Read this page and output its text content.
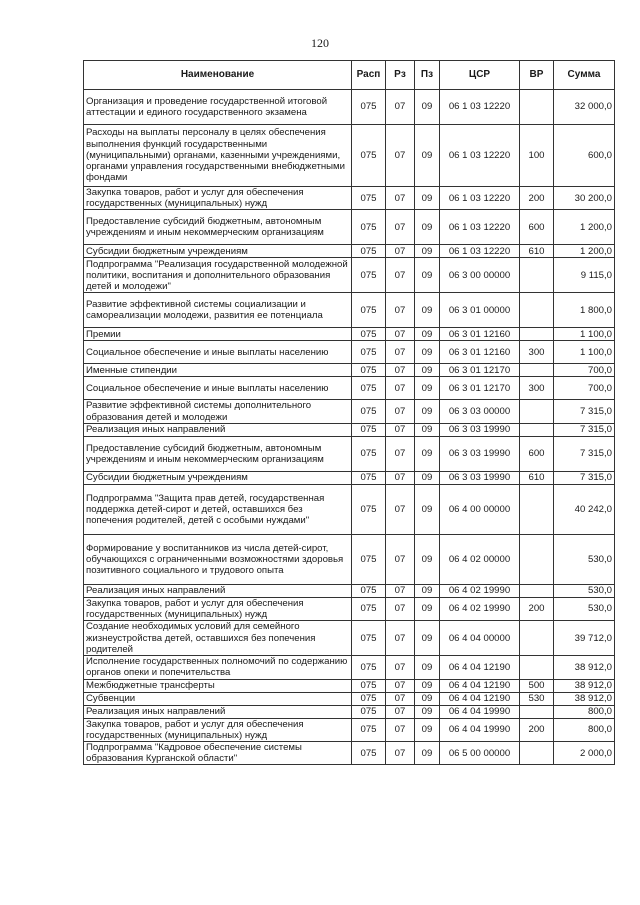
120
Наименование	Расп	Рз	Пз	ЦСР	ВР	Сумма
Организация и проведение государственной итоговой аттестации и единого государственного экзамена	075	07	09	06 1 03 12220		32 000,0
Расходы на выплаты персоналу в целях обеспечения выполнения функций государственными (муниципальными) органами, казенными учреждениями, органами управления государственными внебюджетными фондами	075	07	09	06 1 03 12220	100	600,0
Закупка товаров, работ и услуг для обеспечения государственных (муниципальных) нужд	075	07	09	06 1 03 12220	200	30 200,0
Предоставление субсидий бюджетным, автономным учреждениям и иным некоммерческим организациям	075	07	09	06 1 03 12220	600	1 200,0
Субсидии бюджетным учреждениям	075	07	09	06 1 03 12220	610	1 200,0
Подпрограмма "Реализация государственной молодежной политики, воспитания и дополнительного образования детей и молодежи"	075	07	09	06 3 00 00000		9 115,0
Развитие эффективной системы социализации и самореализации молодежи, развития ее потенциала	075	07	09	06 3 01 00000		1 800,0
Премии	075	07	09	06 3 01 12160		1 100,0
Социальное обеспечение и иные выплаты населению	075	07	09	06 3 01 12160	300	1 100,0
Именные стипендии	075	07	09	06 3 01 12170		700,0
Социальное обеспечение и иные выплаты населению	075	07	09	06 3 01 12170	300	700,0
Развитие эффективной системы дополнительного образования детей и молодежи	075	07	09	06 3 03 00000		7 315,0
Реализация иных направлений	075	07	09	06 3 03 19990		7 315,0
Предоставление субсидий бюджетным, автономным учреждениям и иным некоммерческим организациям	075	07	09	06 3 03 19990	600	7 315,0
Субсидии бюджетным учреждениям	075	07	09	06 3 03 19990	610	7 315,0
Подпрограмма "Защита прав детей, государственная поддержка детей-сирот и детей, оставшихся без попечения родителей, детей с особыми нуждами"	075	07	09	06 4 00 00000		40 242,0
Формирование у воспитанников из числа детей-сирот, обучающихся с ограниченными возможностями здоровья позитивного социального и трудового опыта	075	07	09	06 4 02 00000		530,0
Реализация иных направлений	075	07	09	06 4 02 19990		530,0
Закупка товаров, работ и услуг для обеспечения государственных (муниципальных) нужд	075	07	09	06 4 02 19990	200	530,0
Создание необходимых условий для семейного жизнеустройства детей, оставшихся без попечения родителей	075	07	09	06 4 04 00000		39 712,0
Исполнение государственных полномочий по содержанию органов опеки и попечительства	075	07	09	06 4 04 12190		38 912,0
Межбюджетные трансферты	075	07	09	06 4 04 12190	500	38 912,0
Субвенции	075	07	09	06 4 04 12190	530	38 912,0
Реализация иных направлений	075	07	09	06 4 04 19990		800,0
Закупка товаров, работ и услуг для обеспечения государственных (муниципальных) нужд	075	07	09	06 4 04 19990	200	800,0
Подпрограмма "Кадровое обеспечение системы образования Курганской области"	075	07	09	06 5 00 00000		2 000,0
